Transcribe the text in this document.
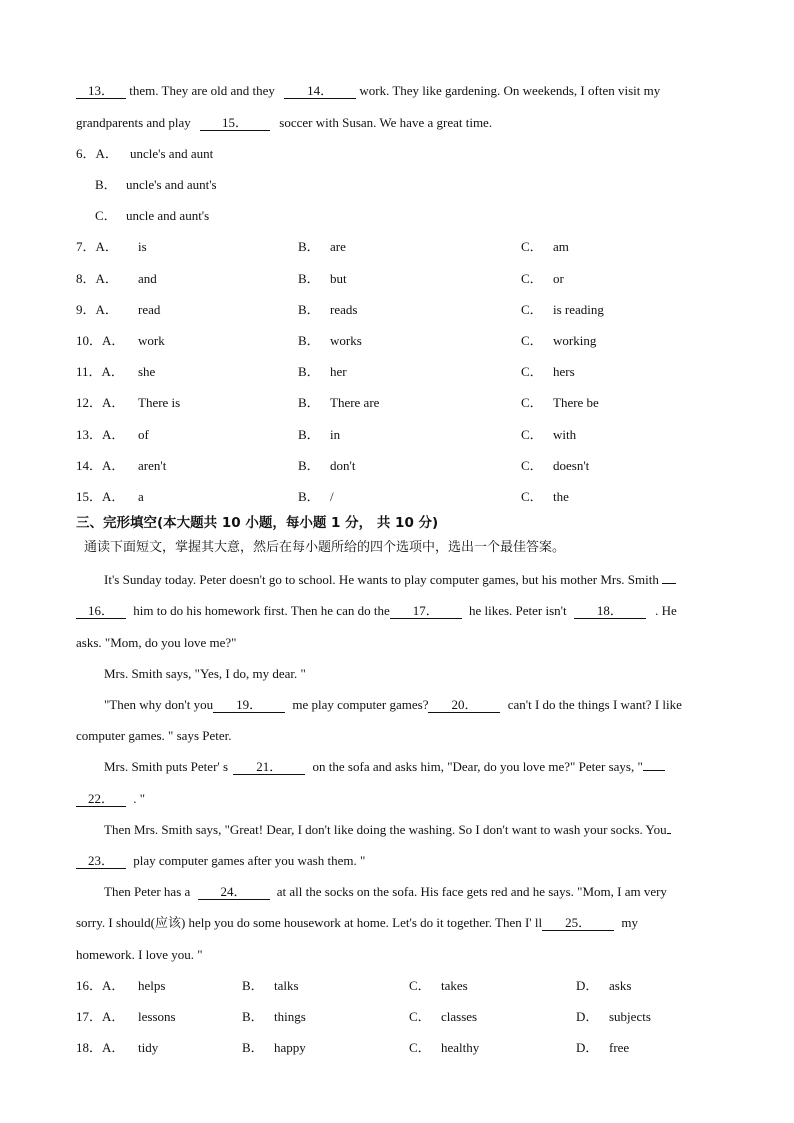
13． them. They are old and they 14． work. They like gardening. On weekends, I often visit my
grandparents and play 15． soccer with Susan. We have a great time.
6．A． uncle's and aunt
B． uncle's and aunt's
C． uncle and aunt's
7．A． is	B． are	C． am
8．A． and	B． but	C． or
9．A． read	B． reads	C． is reading
10．A． work	B． works	C． working
11．A． she	B． her	C． hers
12．A． There is	B． There are	C． There be
13．A． of	B． in	C． with
14．A． aren't	B． don't	C． doesn't
15．A． a	B． /	C． the
三、完形填空(本大题共 10 小题，每小题 1 分， 共 10 分)
通读下面短文，掌握其大意，然后在每小题所给的四个选项中，选出一个最佳答案。
It's Sunday today. Peter doesn't go to school. He wants to play computer games, but his mother Mrs. Smith
16． him to do his homework first. Then he can do the 17． he likes. Peter isn't 18． . He
asks. "Mom, do you love me?"
Mrs. Smith says, "Yes, I do, my dear. "
"Then why don't you 19． me play computer games? 20． can't I do the things I want? I like
computer games. " says Peter.
Mrs. Smith puts Peter' s 21． on the sofa and asks him, "Dear, do you love me?" Peter says, "
22． . "
Then Mrs. Smith says, "Great! Dear, I don't like doing the washing. So I don't want to wash your socks. You
23． play computer games after you wash them. "
Then Peter has a 24． at all the socks on the sofa. His face gets red and he says. "Mom, I am very
sorry. I should(应该) help you do some housework at home. Let's do it together. Then I' ll 25． my
homework. I love you. "
16．A． helps	B． talks	C． takes	D． asks
17．A． lessons	B． things	C． classes	D． subjects
18．A． tidy	B． happy	C． healthy	D． free
